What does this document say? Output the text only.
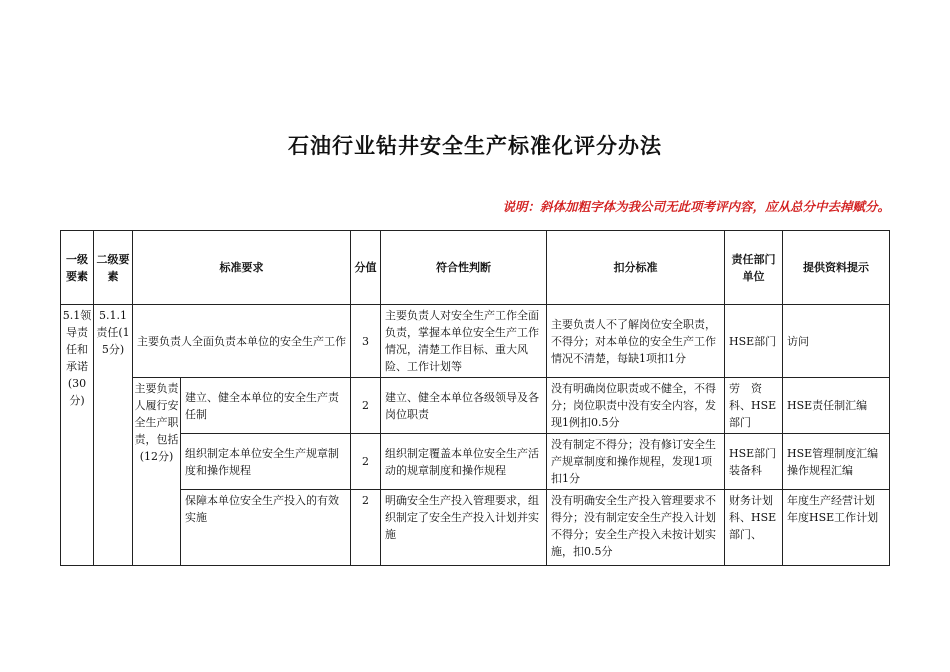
石油行业钻井安全生产标准化评分办法
说明：斜体加粗字体为我公司无此项考评内容，应从总分中去掉赋分。
一级要素	二级要素	标准要求		分值	符合性判断	扣分标准	责任部门单位	提供资料提示
5.1领导责任和承诺(30分)	5.1.1责任(15分)	主要负责人全面负责本单位的安全生产工作		3	主要负责人对安全生产工作全面负责，掌握本单位安全生产工作情况，清楚工作目标、重大风险、工作计划等	主要负责人不了解岗位安全职责，不得分；对本单位的安全生产工作情况不清楚，每缺1项扣1分	HSE部门	访问
		主要负责人履行安全生产职责，包括(12分)	建立、健全本单位的安全生产责任制	2	建立、健全本单位各级领导及各岗位职责	没有明确岗位职责或不健全，不得分；岗位职责中没有安全内容，发现1例扣0.5分	劳　资科、HSE部门	HSE责任制汇编
			组织制定本单位安全生产规章制度和操作规程	2	组织制定覆盖本单位安全生产活动的规章制度和操作规程	没有制定不得分；没有修订安全生产规章制度和操作规程，发现1项扣1分	HSE部门装备科	HSE管理制度汇编操作规程汇编
			保障本单位安全生产投入的有效实施	2	明确安全生产投入管理要求，组织制定了安全生产投入计划并实施	没有明确安全生产投入管理要求不得分；没有制定安全生产投入计划不得分；安全生产投入未按计划实施，扣0.5分	财务计划科、HSE部门、	年度生产经营计划年度HSE工作计划
